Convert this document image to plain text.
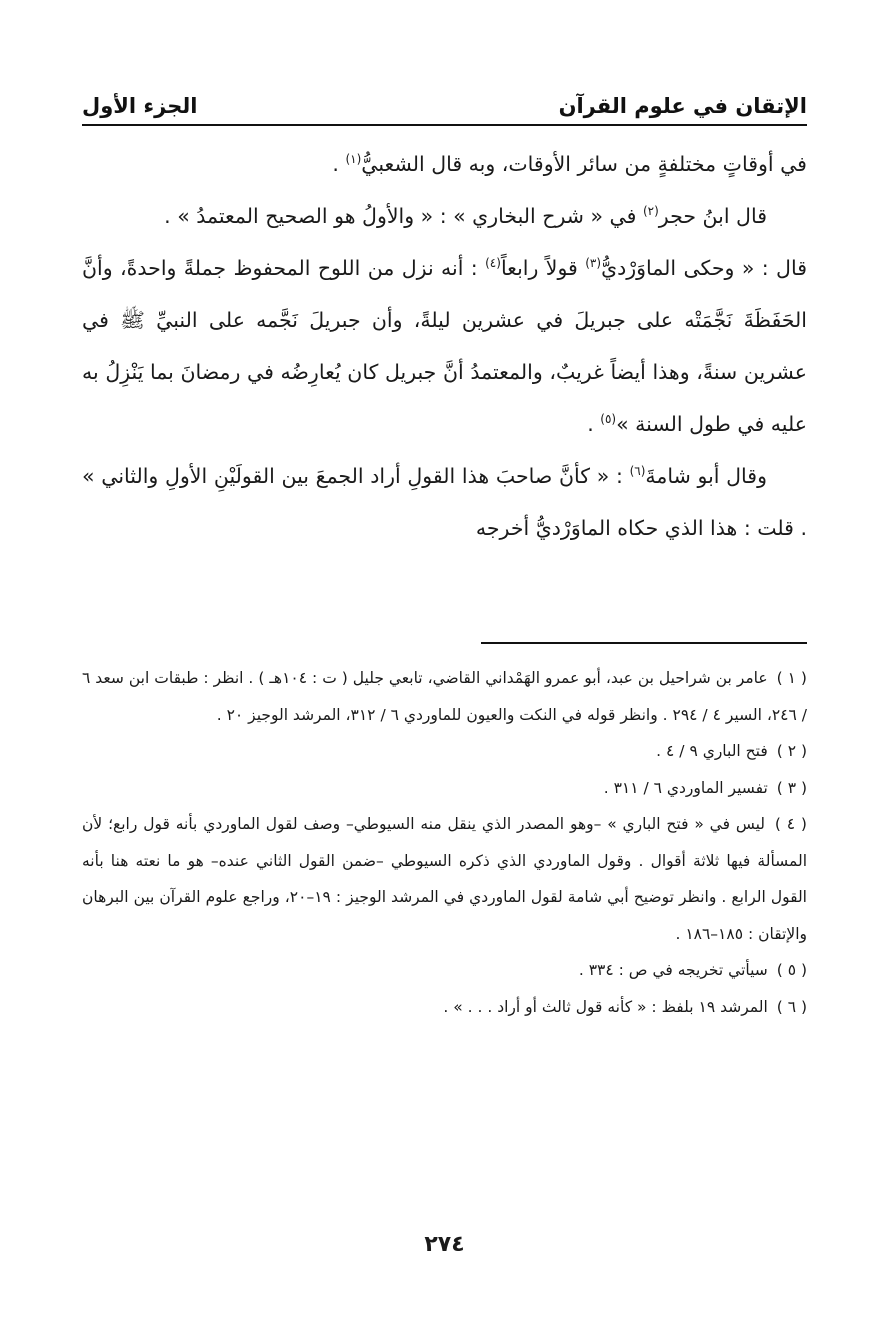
الإتقان في علوم القرآن
الجزء الأول

في أوقاتٍ مختلفةٍ من سائر الأوقات، وبه قال الشعبيُّ$^{(١)}$ .

قال ابنُ حجر$^{(٢)}$ في « شرح البخاري » : « والأولُ هو الصحيح المعتمدُ » .

قال : « وحكى الماوَرْديُّ$^{(٣)}$ قولاً رابعاً$^{(٤)}$ : أنه نزل من اللوح المحفوظ جملةً واحدةً، وأنَّ الحَفَظَةَ نَجَّمَتْه على جبريلَ في عشرين ليلةً، وأن جبريلَ نَجَّمه على النبيِّ ﷺ في عشرين سنةً، وهذا أيضاً غريبٌ، والمعتمدُ أنَّ جبريل كان يُعارِضُه في رمضانَ بما يَنْزِلُ به عليه في طول السنة »$^{(٥)}$ .

وقال أبو شامةَ$^{(٦)}$ : « كأنَّ صاحبَ هذا القولِ أراد الجمعَ بين القولَيْنِ الأولِ والثاني » . قلت : هذا الذي حكاه الماوَرْديُّ أخرجه

( ١ ) عامر بن شراحيل بن عبد، أبو عمرو الهَمْداني القاضي، تابعي جليل ( ت : ١٠٤هـ ) . انظر : طبقات ابن سعد ٦ / ٢٤٦، السير ٤ / ٢٩٤ . وانظر قوله في النكت والعيون للماوردي ٦ / ٣١٢، المرشد الوجيز ٢٠ .

( ٢ ) فتح الباري ٩ / ٤ .

( ٣ ) تفسير الماوردي ٦ / ٣١١ .

( ٤ ) ليس في « فتح الباري » –وهو المصدر الذي ينقل منه السيوطي– وصف لقول الماوردي بأنه قول رابع؛ لأن المسألة فيها ثلاثة أقوال . وقول الماوردي الذي ذكره السيوطي –ضمن القول الثاني عنده– هو ما نعته هنا بأنه القول الرابع . وانظر توضيح أبي شامة لقول الماوردي في المرشد الوجيز : ١٩–٢٠، وراجع علوم القرآن بين البرهان والإتقان : ١٨٥–١٨٦ .

( ٥ ) سيأتي تخريجه في ص : ٣٣٤ .

( ٦ ) المرشد ١٩ بلفظ : « كأنه قول ثالث أو أراد . . . » .

٢٧٤
